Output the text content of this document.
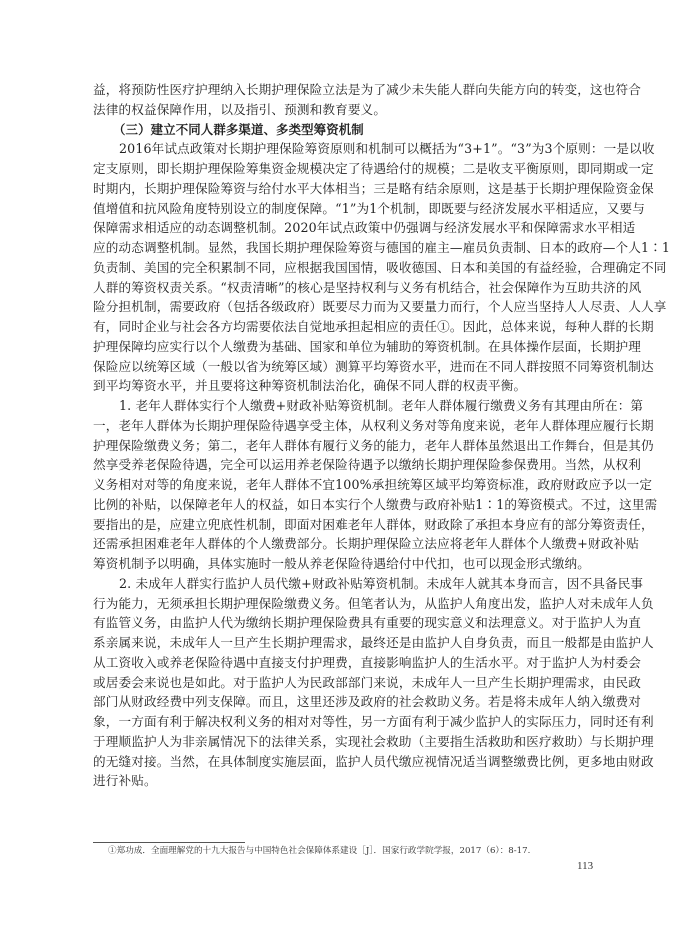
益，将预防性医疗护理纳入长期护理保险立法是为了减少未失能人群向失能方向的转变，这也符合
法律的权益保障作用，以及指引、预测和教育要义。
（三）建立不同人群多渠道、多类型筹资机制
2016年试点政策对长期护理保险筹资原则和机制可以概括为“3+1”。“3”为3个原则：一是以收
定支原则，即长期护理保险筹集资金规模决定了待遇给付的规模；二是收支平衡原则，即同期或一定
时期内，长期护理保险筹资与给付水平大体相当；三是略有结余原则，这是基于长期护理保险资金保
值增值和抗风险角度特别设立的制度保障。“1”为1个机制，即既要与经济发展水平相适应，又要与
保障需求相适应的动态调整机制。2020年试点政策中仍强调与经济发展水平和保障需求水平相适
应的动态调整机制。显然，我国长期护理保险筹资与德国的雇主—雇员负责制、日本的政府—个人1∶1
负责制、美国的完全积累制不同，应根据我国国情，吸收德国、日本和美国的有益经验，合理确定不同
人群的筹资权责关系。“权责清晰”的核心是坚持权利与义务有机结合，社会保障作为互助共济的风
险分担机制，需要政府（包括各级政府）既要尽力而为又要量力而行，个人应当坚持人人尽责、人人享
有，同时企业与社会各方均需要依法自觉地承担起相应的责任①。因此，总体来说，每种人群的长期
护理保障均应实行以个人缴费为基础、国家和单位为辅助的筹资机制。在具体操作层面，长期护理
保险应以统筹区域（一般以省为统筹区域）测算平均筹资水平，进而在不同人群按照不同筹资机制达
到平均筹资水平，并且要将这种筹资机制法治化，确保不同人群的权责平衡。
1. 老年人群体实行个人缴费+财政补贴筹资机制。老年人群体履行缴费义务有其理由所在：第
一，老年人群体为长期护理保险待遇享受主体，从权利义务对等角度来说，老年人群体理应履行长期
护理保险缴费义务；第二，老年人群体有履行义务的能力，老年人群体虽然退出工作舞台，但是其仍
然享受养老保险待遇，完全可以运用养老保险待遇予以缴纳长期护理保险参保费用。当然，从权利
义务相对对等的角度来说，老年人群体不宜100%承担统筹区域平均筹资标准，政府财政应予以一定
比例的补贴，以保障老年人的权益，如日本实行个人缴费与政府补贴1∶1的筹资模式。不过，这里需
要指出的是，应建立兜底性机制，即面对困难老年人群体，财政除了承担本身应有的部分筹资责任，
还需承担困难老年人群体的个人缴费部分。长期护理保险立法应将老年人群体个人缴费+财政补贴
筹资机制予以明确，具体实施时一般从养老保险待遇给付中代扣，也可以现金形式缴纳。
2. 未成年人群实行监护人员代缴+财政补贴筹资机制。未成年人就其本身而言，因不具备民事
行为能力，无须承担长期护理保险缴费义务。但笔者认为，从监护人角度出发，监护人对未成年人负
有监管义务，由监护人代为缴纳长期护理保险费具有重要的现实意义和法理意义。对于监护人为直
系亲属来说，未成年人一旦产生长期护理需求，最终还是由监护人自身负责，而且一般都是由监护人
从工资收入或养老保险待遇中直接支付护理费，直接影响监护人的生活水平。对于监护人为村委会
或居委会来说也是如此。对于监护人为民政部部门来说，未成年人一旦产生长期护理需求，由民政
部门从财政经费中列支保障。而且，这里还涉及政府的社会救助义务。若是将未成年人纳入缴费对
象，一方面有利于解决权利义务的相对对等性，另一方面有利于减少监护人的实际压力，同时还有利
于理顺监护人为非亲属情况下的法律关系，实现社会救助（主要指生活救助和医疗救助）与长期护理
的无缝对接。当然，在具体制度实施层面，监护人员代缴应视情况适当调整缴费比例，更多地由财政
进行补贴。
①郑功成．全面理解党的十九大报告与中国特色社会保障体系建设［J］．国家行政学院学报，2017（6）：8-17.
113
